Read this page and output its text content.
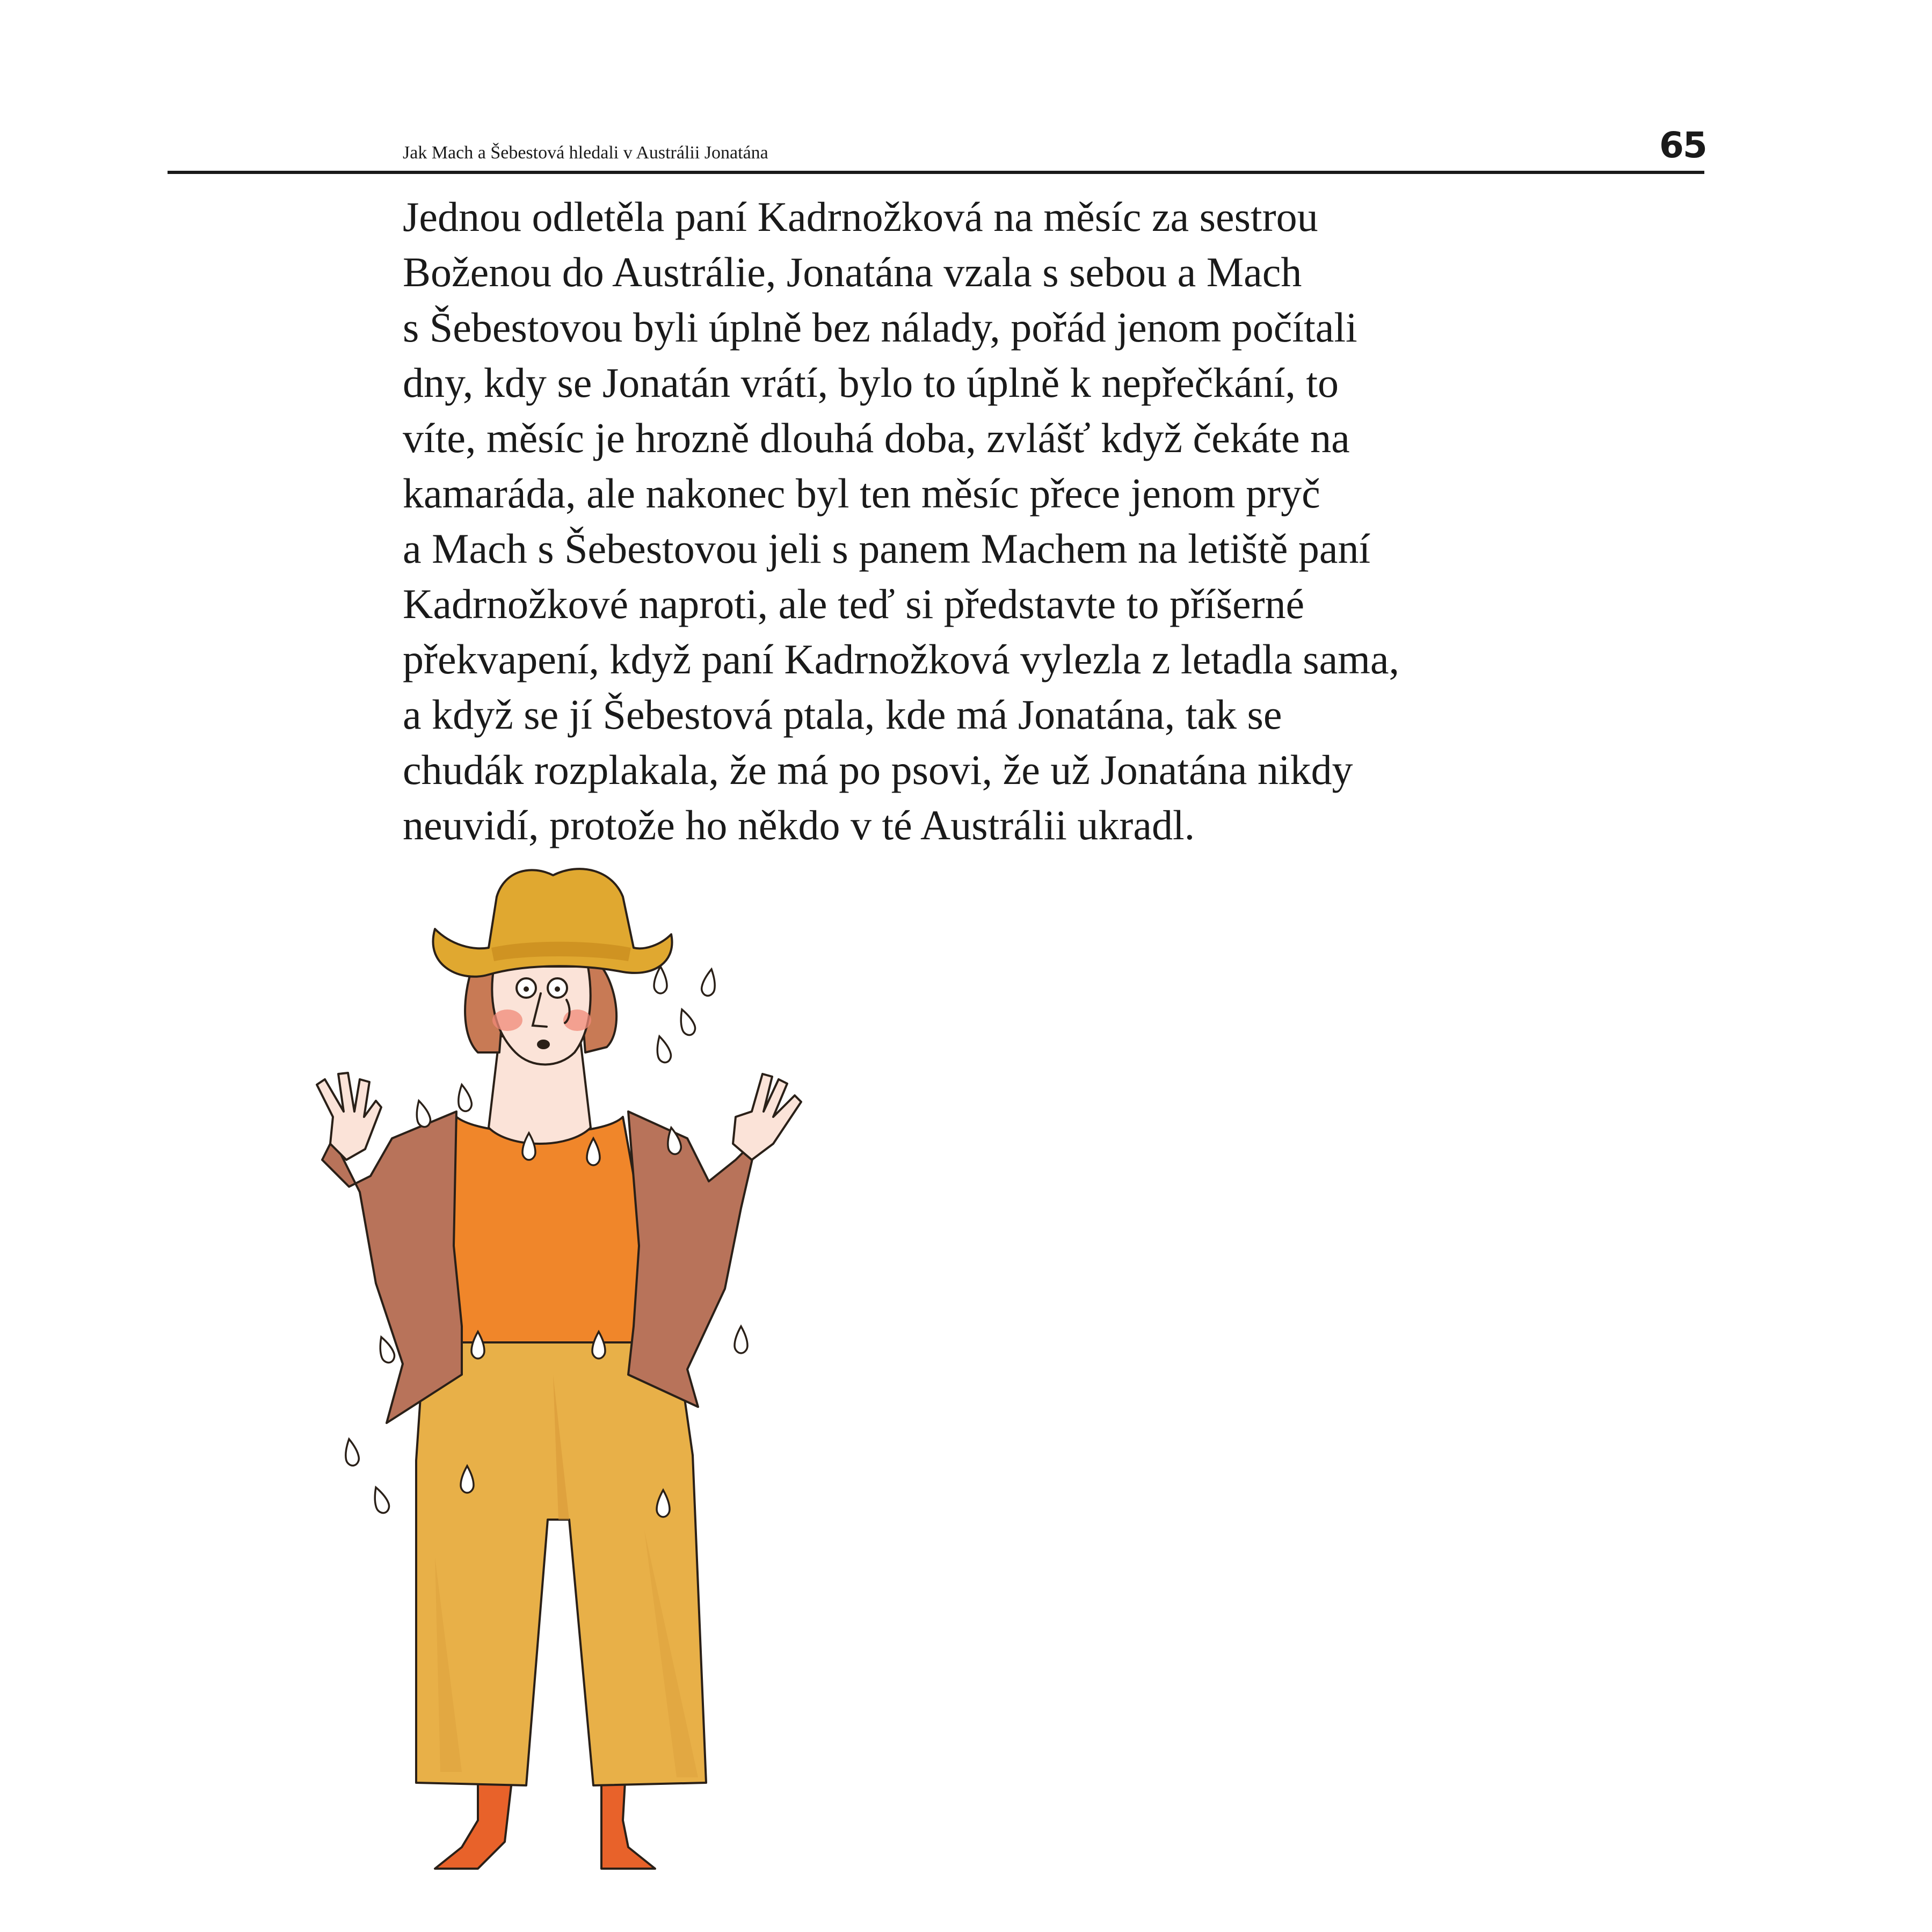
Jak Mach a Šebestová hledali v Austrálii Jonatána	65
Jednou odletěla paní Kadrnožková na měsíc za sestrou
Boženou do Austrálie, Jonatána vzala s sebou a Mach
s Šebestovou byli úplně bez nálady, pořád jenom počítali
dny, kdy se Jonatán vrátí, bylo to úplně k nepřečkání, to
víte, měsíc je hrozně dlouhá doba, zvlášť když čekáte na
kamaráda, ale nakonec byl ten měsíc přece jenom pryč
a Mach s Šebestovou jeli s panem Machem na letiště paní
Kadrnožkové naproti, ale teď si představte to příšerné
překvapení, když paní Kadrnožková vylezla z letadla sama,
a když se jí Šebestová ptala, kde má Jonatána, tak se
chudák rozplakala, že má po psovi, že už Jonatána nikdy
neuvidí, protože ho někdo v té Austrálii ukradl.
